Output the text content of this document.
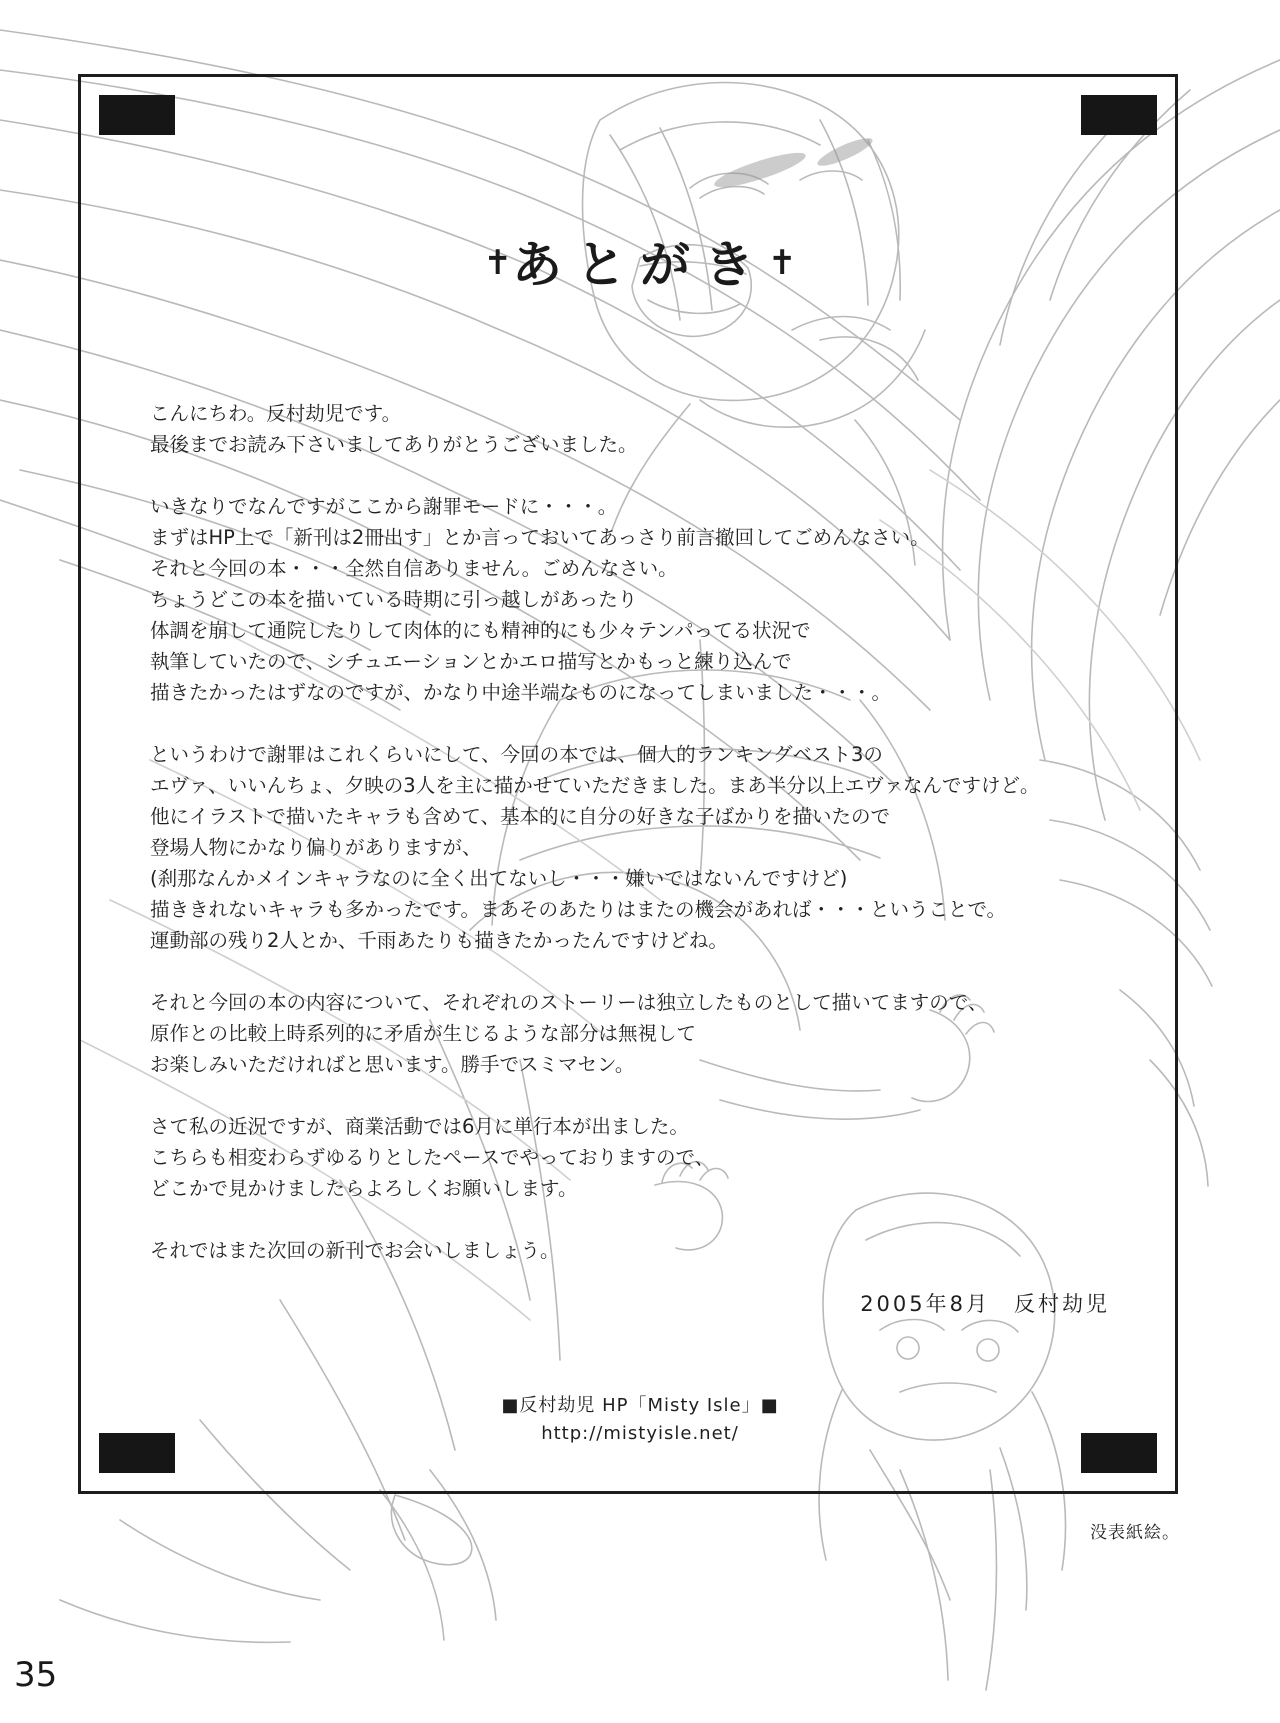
✝あとがき✝

こんにちわ。反村劫児です。
最後までお読み下さいましてありがとうございました。

いきなりでなんですがここから謝罪モードに・・・。
まずはHP上で「新刊は2冊出す」とか言っておいてあっさり前言撤回してごめんなさい。
それと今回の本・・・全然自信ありません。ごめんなさい。
ちょうどこの本を描いている時期に引っ越しがあったり
体調を崩して通院したりして肉体的にも精神的にも少々テンパってる状況で
執筆していたので、シチュエーションとかエロ描写とかもっと練り込んで
描きたかったはずなのですが、かなり中途半端なものになってしまいました・・・。

というわけで謝罪はこれくらいにして、今回の本では、個人的ランキングベスト3の
エヴァ、いいんちょ、夕映の3人を主に描かせていただきました。まあ半分以上エヴァなんですけど。
他にイラストで描いたキャラも含めて、基本的に自分の好きな子ばかりを描いたので
登場人物にかなり偏りがありますが、
(刹那なんかメインキャラなのに全く出てないし・・・嫌いではないんですけど)
描ききれないキャラも多かったです。まあそのあたりはまたの機会があれば・・・ということで。
運動部の残り2人とか、千雨あたりも描きたかったんですけどね。

それと今回の本の内容について、それぞれのストーリーは独立したものとして描いてますので、
原作との比較上時系列的に矛盾が生じるような部分は無視して
お楽しみいただければと思います。勝手でスミマセン。

さて私の近況ですが、商業活動では6月に単行本が出ました。
こちらも相変わらずゆるりとしたペースでやっておりますので、
どこかで見かけましたらよろしくお願いします。

それではまた次回の新刊でお会いしましょう。

2005年8月　反村劫児
■反村劫児 HP「Misty Isle」■
http://mistyisle.net/
没表紙絵。
35
